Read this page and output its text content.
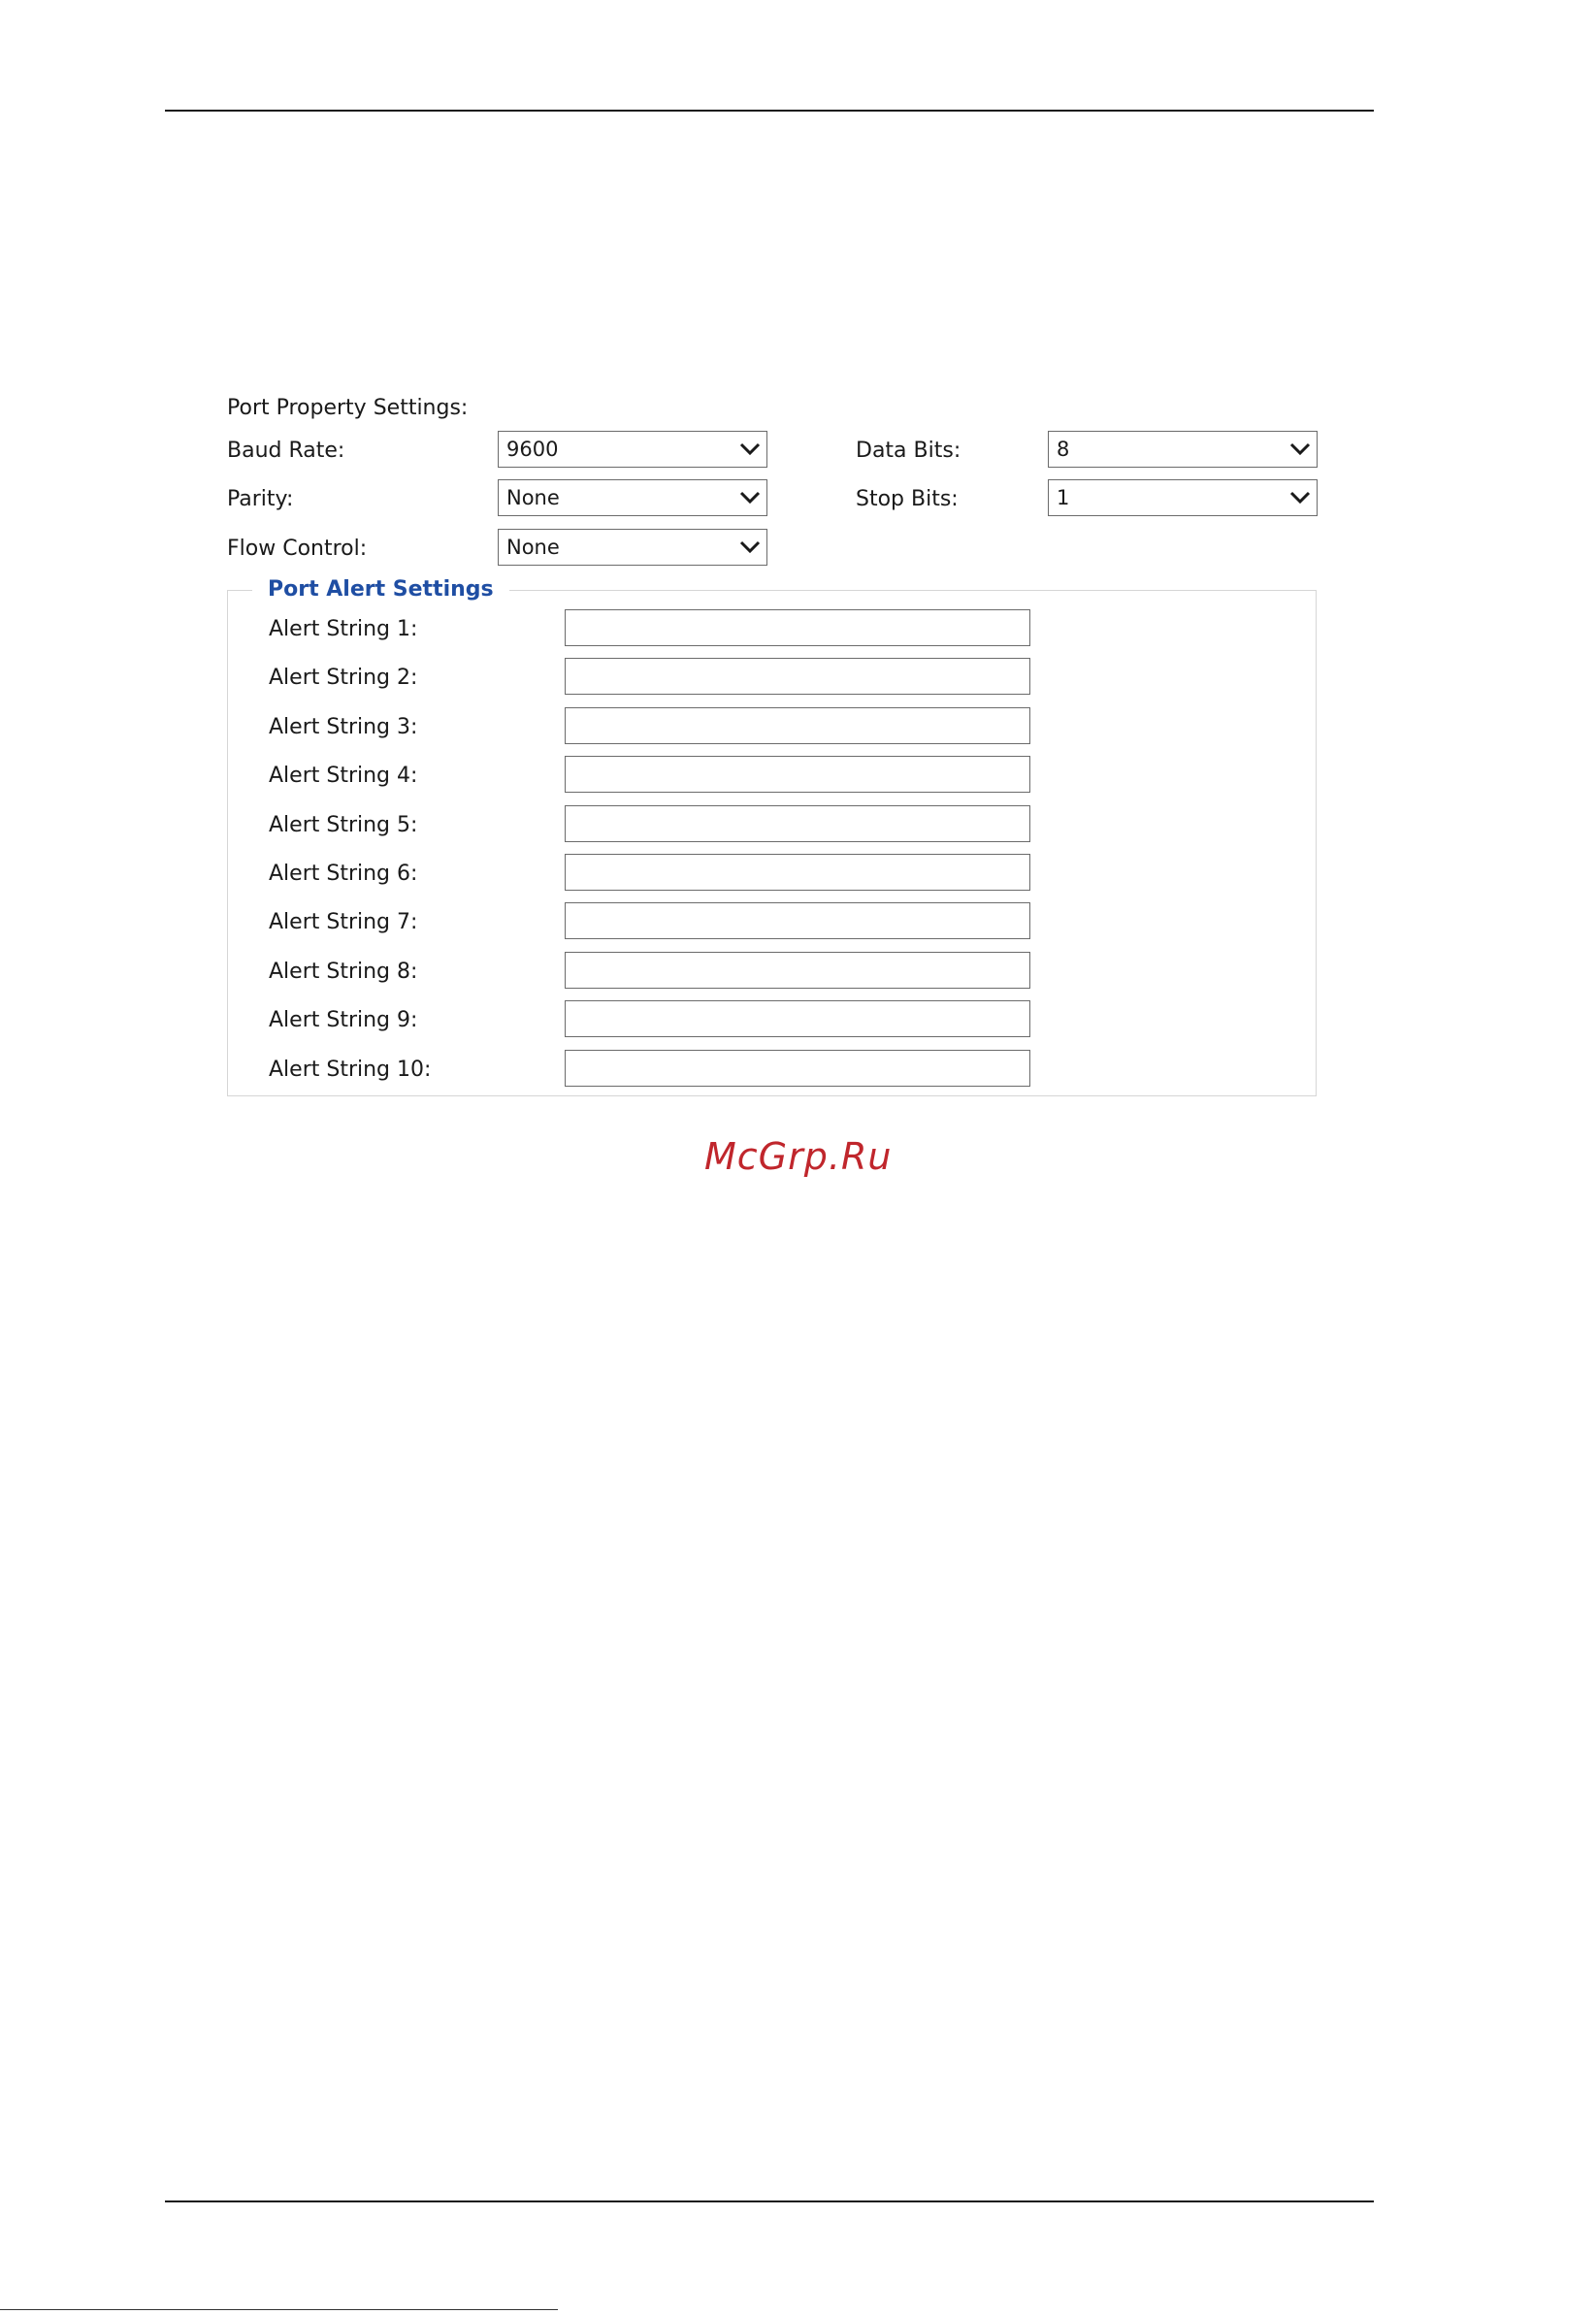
Port Property Settings:
Baud Rate:	9600	Data Bits:	8
Parity:	None	Stop Bits:	1
Flow Control:	None
Port Alert Settings
Alert String 1:
Alert String 2:
Alert String 3:
Alert String 4:
Alert String 5:
Alert String 6:
Alert String 7:
Alert String 8:
Alert String 9:
Alert String 10:
McGrp.Ru
